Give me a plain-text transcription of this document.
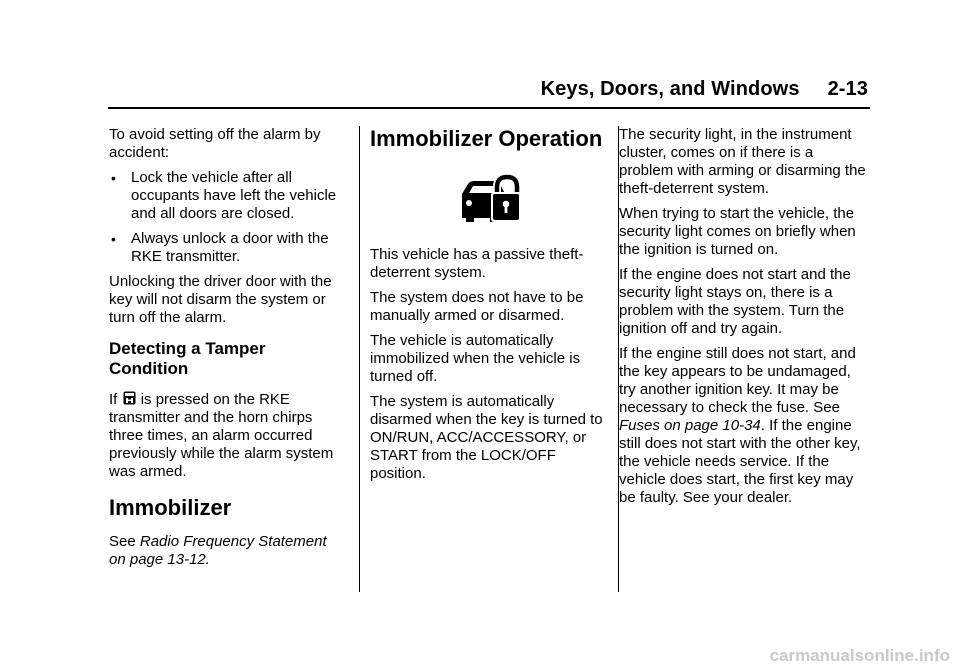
Keys, Doors, and Windows 2-13

To avoid setting off the alarm by accident:

• Lock the vehicle after all occupants have left the vehicle and all doors are closed.
• Always unlock a door with the RKE transmitter.

Unlocking the driver door with the key will not disarm the system or turn off the alarm.

Detecting a Tamper Condition

If is pressed on the RKE transmitter and the horn chirps three times, an alarm occurred previously while the alarm system was armed.

Immobilizer

See Radio Frequency Statement on page 13-12.

Immobilizer Operation

This vehicle has a passive theft-deterrent system.

The system does not have to be manually armed or disarmed.

The vehicle is automatically immobilized when the vehicle is turned off.

The system is automatically disarmed when the key is turned to ON/RUN, ACC/ACCESSORY, or START from the LOCK/OFF position.

The security light, in the instrument cluster, comes on if there is a problem with arming or disarming the theft-deterrent system.

When trying to start the vehicle, the security light comes on briefly when the ignition is turned on.

If the engine does not start and the security light stays on, there is a problem with the system. Turn the ignition off and try again.

If the engine still does not start, and the key appears to be undamaged, try another ignition key. It may be necessary to check the fuse. See Fuses on page 10-34. If the engine still does not start with the other key, the vehicle needs service. If the vehicle does start, the first key may be faulty. See your dealer.

carmanualsonline.info
